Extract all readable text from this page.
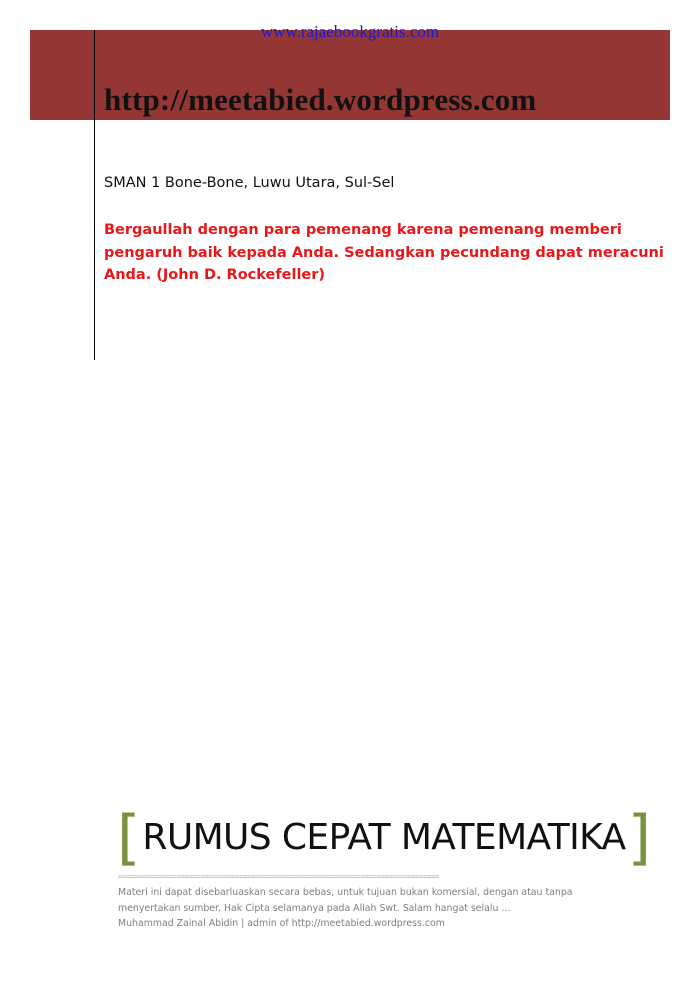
www.rajaebookgratis.com
http://meetabied.wordpress.com
SMAN 1 Bone-Bone, Luwu Utara, Sul-Sel
Bergaullah dengan para pemenang karena pemenang memberi pengaruh baik kepada Anda. Sedangkan pecundang dapat meracuni Anda. (John D. Rockefeller)
[ RUMUS CEPAT MATEMATIKA ]
==================================================================================
Materi ini dapat disebarluaskan secara bebas, untuk tujuan bukan komersial, dengan atau tanpa
menyertakan sumber. Hak Cipta selamanya pada Allah Swt. Salam hangat selalu …
Muhammad Zainal Abidin | admin of http://meetabied.wordpress.com
